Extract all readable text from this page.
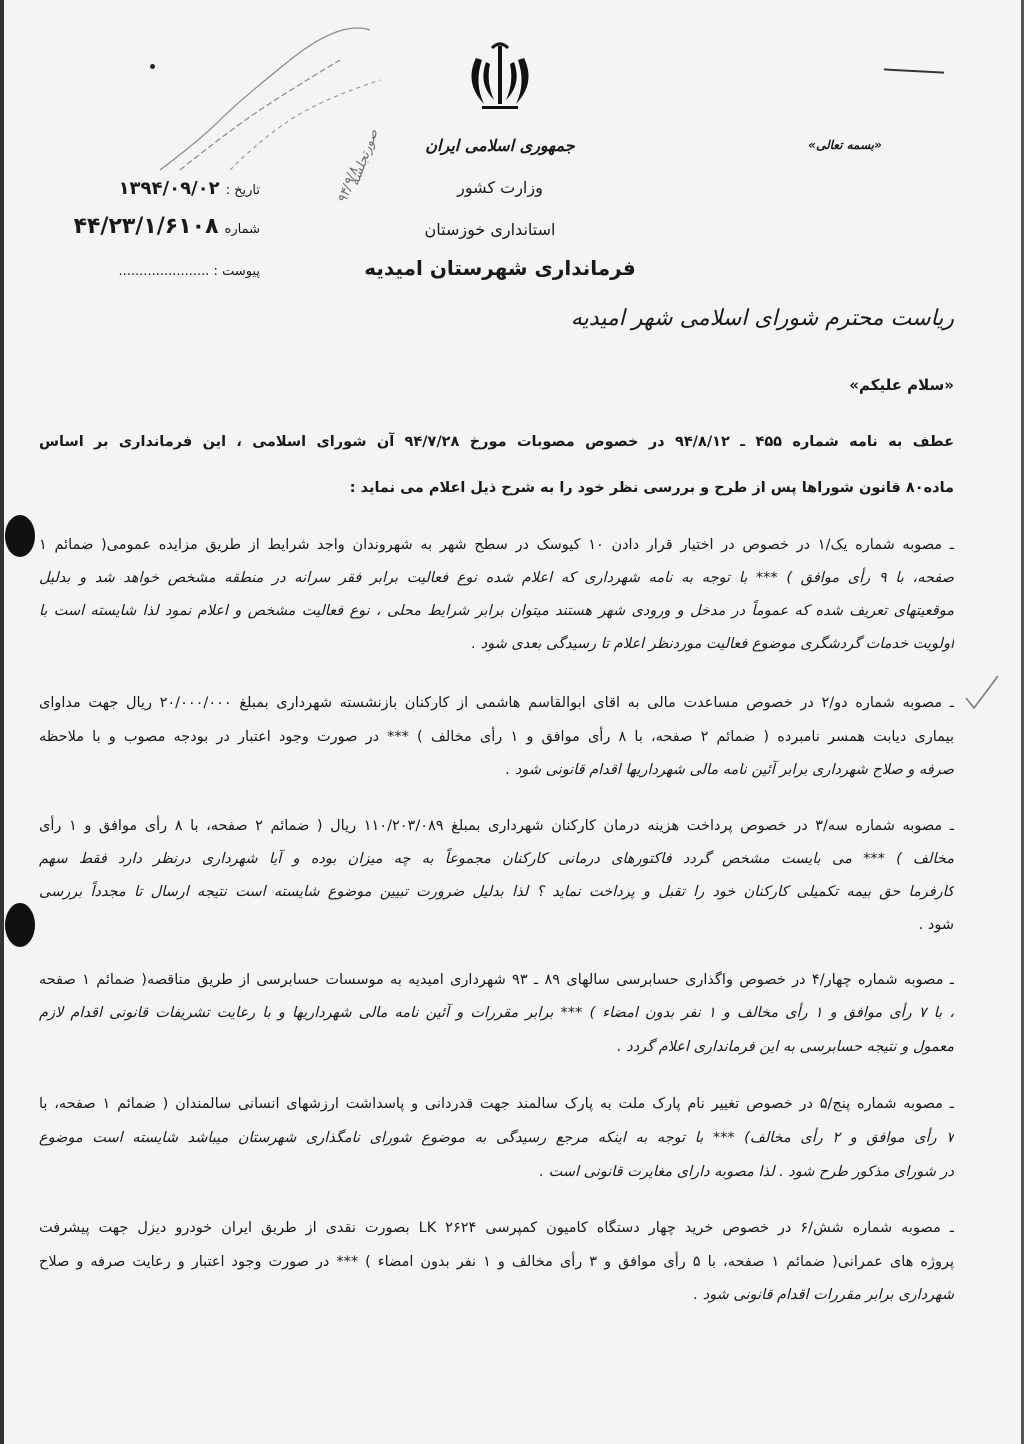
«بسمه تعالی»
جمهوری اسلامی ایران
وزارت کشور
استانداری خوزستان
فرمانداری شهرستان امیدیه
تاریخ :
۱۳۹۴/۰۹/۰۲
شماره
۴۴/۲۳/۱/۶۱۰۸
پیوست : ......................
۹۴/۹/۸
صورتجلسه
ریاست محترم شورای اسلامی شهر امیدیه
«سلام علیکم»
عطف به نامه شماره ۴۵۵ ـ ۹۴/۸/۱۲ در خصوص مصوبات مورخ ۹۴/۷/۲۸ آن شورای اسلامی ، این فرمانداری بر اساس
ماده۸۰ قانون شوراها پس از طرح و بررسی نظر خود را به شرح ذیل اعلام می نماید :
ـ مصوبه شماره یک/۱ در خصوص در اختیار قرار دادن ۱۰ کیوسک در سطح شهر به شهروندان واجد شرایط از طریق مزایده عمومی( ضمائم ۱
صفحه، با ۹ رأی موافق ) *** با توجه به نامه شهرداری که اعلام شده نوع فعالیت برابر فقر سرانه در منطقه مشخص خواهد شد و بدلیل
موقعیتهای تعریف شده که عموماً در مدخل و ورودی شهر هستند میتوان برابر شرایط محلی ، نوع فعالیت مشخص و اعلام نمود لذا شایسته است با
اولویت خدمات گردشگری موضوع فعالیت موردنظر اعلام تا رسیدگی بعدی شود .
ـ مصوبه شماره دو/۲ در خصوص مساعدت مالی به اقای ابوالقاسم هاشمی از کارکنان بازنشسته شهرداری بمبلغ ۲۰/۰۰۰/۰۰۰ ریال جهت مداوای
بیماری دیابت همسر نامبرده ( ضمائم ۲ صفحه، با ۸ رأی موافق و ۱ رأی مخالف ) *** در صورت وجود اعتبار در بودجه مصوب و با ملاحظه
صرفه و صلاح شهرداری برابر آئین نامه مالی شهرداریها اقدام قانونی شود .
ـ مصوبه شماره سه/۳ در خصوص پرداخت هزینه درمان کارکنان شهرداری بمبلغ ۱۱۰/۲۰۳/۰۸۹ ریال ( ضمائم ۲ صفحه، با ۸ رأی موافق و ۱ رأی
مخالف ) *** می بایست مشخص گردد فاکتورهای درمانی کارکنان مجموعاً به چه میزان بوده و آیا شهرداری درنظر دارد فقط سهم
کارفرما حق بیمه تکمیلی کارکنان خود را تقبل و پرداخت نماید ؟ لذا بدلیل ضرورت تبیین موضوع شایسته است نتیجه ارسال تا مجدداً بررسی
شود .
ـ مصوبه شماره چهار/۴ در خصوص واگذاری حسابرسی سالهای ۸۹ ـ ۹۳ شهرداری امیدیه به موسسات حسابرسی از طریق مناقصه( ضمائم ۱ صفحه
، با ۷ رأی موافق و ۱ رأی مخالف و ۱ نفر بدون امضاء ) *** برابر مقررات و آئین نامه مالی شهرداریها و با رعایت تشریفات قانونی اقدام لازم
معمول و نتیجه حسابرسی به این فرمانداری اعلام گردد .
ـ مصوبه شماره پنج/۵ در خصوص تغییر نام پارک ملت به پارک سالمند جهت قدردانی و پاسداشت ارزشهای انسانی سالمندان ( ضمائم ۱ صفحه، با
۷ رأی موافق و ۲ رأی مخالف) *** با توجه به اینکه مرجع رسیدگی به موضوع شورای نامگذاری شهرستان میباشد شایسته است موضوع
در شورای مذکور طرح شود . لذا مصوبه دارای مغایرت قانونی است .
ـ مصوبه شماره شش/۶ در خصوص خرید چهار دستگاه کامیون کمپرسی LK ۲۶۲۴ بصورت نقدی از طریق ایران خودرو دیزل جهت پیشرفت
پروژه های عمرانی( ضمائم ۱ صفحه، با ۵ رأی موافق و ۳ رأی مخالف و ۱ نفر بدون امضاء ) *** در صورت وجود اعتبار و رعایت صرفه و صلاح
شهرداری برابر مقررات اقدام قانونی شود .
